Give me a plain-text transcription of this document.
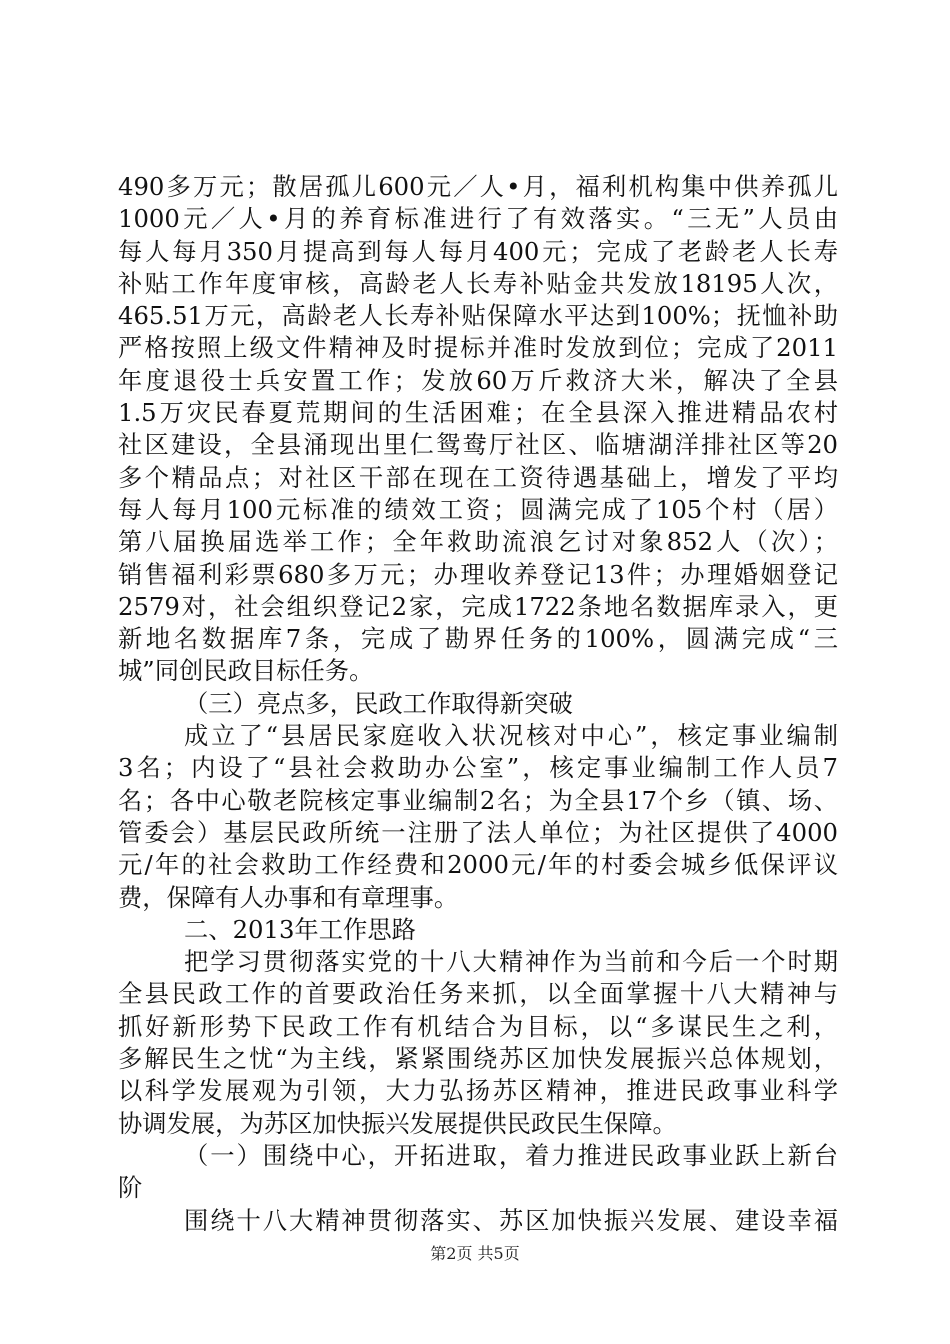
490多万元；散居孤儿600元／人•月，福利机构集中供养孤儿
1000元／人•月的养育标准进行了有效落实。“三无”人员由
每人每月350月提高到每人每月400元；完成了老龄老人长寿
补贴工作年度审核，高龄老人长寿补贴金共发放18195人次，
465.51万元，高龄老人长寿补贴保障水平达到100%；抚恤补助
严格按照上级文件精神及时提标并准时发放到位；完成了2011
年度退役士兵安置工作；发放60万斤救济大米，解决了全县
1.5万灾民春夏荒期间的生活困难；在全县深入推进精品农村
社区建设，全县涌现出里仁鸳鸯厅社区、临塘湖洋排社区等20
多个精品点；对社区干部在现在工资待遇基础上，增发了平均
每人每月100元标准的绩效工资；圆满完成了105个村（居）
第八届换届选举工作；全年救助流浪乞讨对象852人（次）；
销售福利彩票680多万元；办理收养登记13件；办理婚姻登记
2579对，社会组织登记2家，完成1722条地名数据库录入，更
新地名数据库7条，完成了勘界任务的100%，圆满完成“三
城”同创民政目标任务。
（三）亮点多，民政工作取得新突破
成立了“县居民家庭收入状况核对中心”，核定事业编制
3名；内设了“县社会救助办公室”，核定事业编制工作人员7
名；各中心敬老院核定事业编制2名；为全县17个乡（镇、场、
管委会）基层民政所统一注册了法人单位；为社区提供了4000
元/年的社会救助工作经费和2000元/年的村委会城乡低保评议
费，保障有人办事和有章理事。
二、2013年工作思路
把学习贯彻落实党的十八大精神作为当前和今后一个时期
全县民政工作的首要政治任务来抓，以全面掌握十八大精神与
抓好新形势下民政工作有机结合为目标，以“多谋民生之利，
多解民生之忧“为主线，紧紧围绕苏区加快发展振兴总体规划，
以科学发展观为引领，大力弘扬苏区精神，推进民政事业科学
协调发展，为苏区加快振兴发展提供民政民生保障。
（一）围绕中心，开拓进取，着力推进民政事业跃上新台
阶
围绕十八大精神贯彻落实、苏区加快振兴发展、建设幸福
第2页 共5页
